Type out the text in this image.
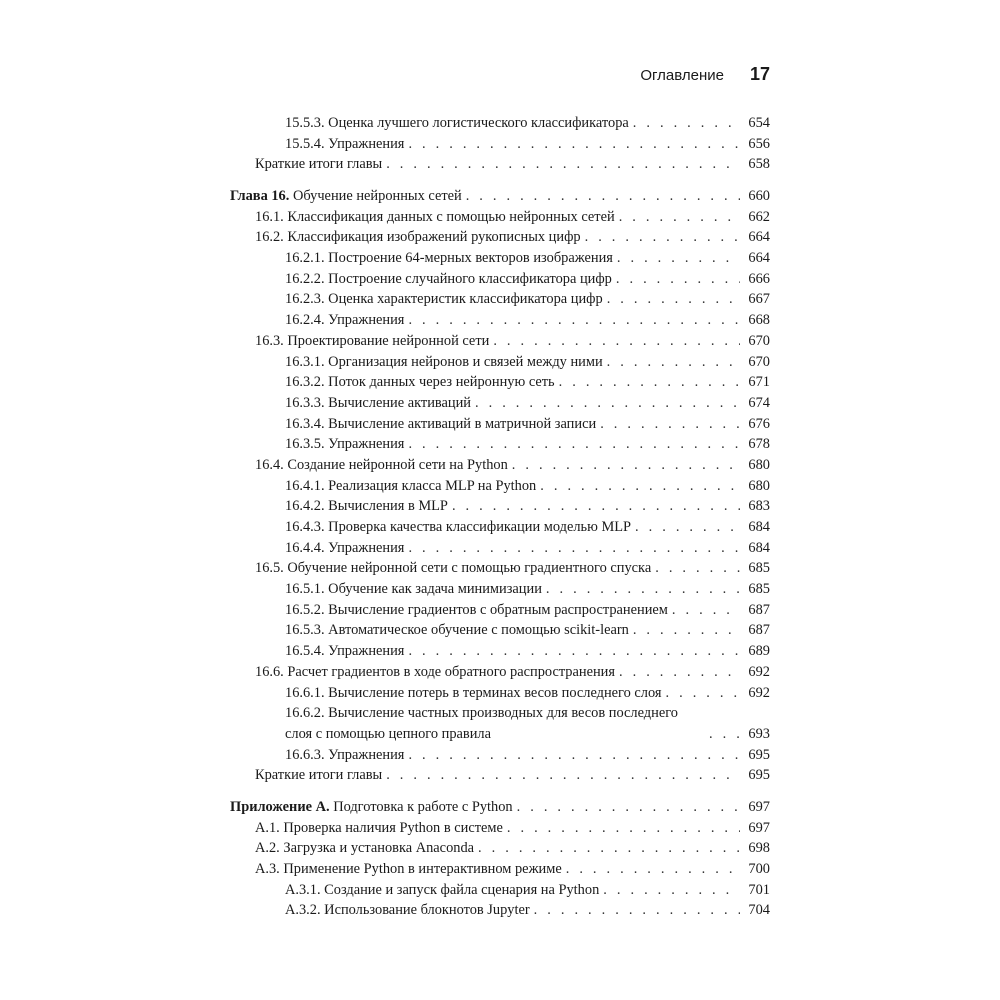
Оглавление 17
15.5.3. Оценка лучшего логистического классификатора . . .	654
15.5.4. Упражнения . . .	656
Краткие итоги главы . . .	658
Глава 16. Обучение нейронных сетей . . .	660
16.1. Классификация данных с помощью нейронных сетей . . .	662
16.2. Классификация изображений рукописных цифр . . .	664
16.2.1. Построение 64-мерных векторов изображения . . .	664
16.2.2. Построение случайного классификатора цифр . . .	666
16.2.3. Оценка характеристик классификатора цифр . . .	667
16.2.4. Упражнения . . .	668
16.3. Проектирование нейронной сети . . .	670
16.3.1. Организация нейронов и связей между ними . . .	670
16.3.2. Поток данных через нейронную сеть . . .	671
16.3.3. Вычисление активаций . . .	674
16.3.4. Вычисление активаций в матричной записи . . .	676
16.3.5. Упражнения . . .	678
16.4. Создание нейронной сети на Python . . .	680
16.4.1. Реализация класса MLP на Python . . .	680
16.4.2. Вычисления в MLP . . .	683
16.4.3. Проверка качества классификации моделью MLP . . .	684
16.4.4. Упражнения . . .	684
16.5. Обучение нейронной сети с помощью градиентного спуска . . .	685
16.5.1. Обучение как задача минимизации . . .	685
16.5.2. Вычисление градиентов с обратным распространением . . .	687
16.5.3. Автоматическое обучение с помощью scikit-learn . . .	687
16.5.4. Упражнения . . .	689
16.6. Расчет градиентов в ходе обратного распространения . . .	692
16.6.1. Вычисление потерь в терминах весов последнего слоя . . .	692
16.6.2. Вычисление частных производных для весов последнего слоя с помощью цепного правила . . .	693
16.6.3. Упражнения . . .	695
Краткие итоги главы . . .	695
Приложение А. Подготовка к работе с Python . . .	697
А.1. Проверка наличия Python в системе . . .	697
А.2. Загрузка и установка Anaconda . . .	698
А.3. Применение Python в интерактивном режиме . . .	700
А.3.1. Создание и запуск файла сценария на Python . . .	701
А.3.2. Использование блокнотов Jupyter . . .	704
